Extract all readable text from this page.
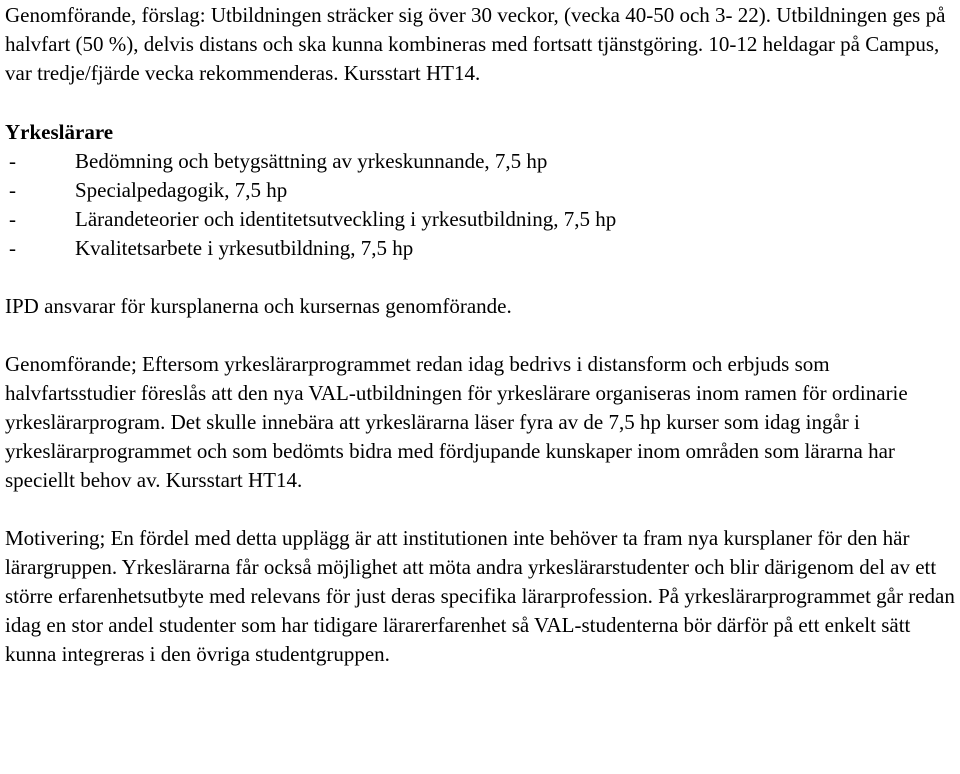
Genomförande, förslag: Utbildningen sträcker sig över 30 veckor, (vecka 40-50 och 3- 22). Utbildningen ges på halvfart (50 %), delvis distans och ska kunna kombineras med fortsatt tjänstgöring. 10-12 heldagar på Campus, var tredje/fjärde vecka rekommenderas. Kursstart HT14.

Yrkeslärare

-	Bedömning och betygsättning av yrkeskunnande, 7,5 hp
-	Specialpedagogik, 7,5 hp
-	Lärandeteorier och identitetsutveckling i yrkesutbildning, 7,5 hp
-	Kvalitetsarbete i yrkesutbildning, 7,5 hp

IPD ansvarar för kursplanerna och kursernas genomförande.

Genomförande; Eftersom yrkeslärarprogrammet redan idag bedrivs i distansform och erbjuds som halvfartsstudier föreslås att den nya VAL-utbildningen för yrkeslärare organiseras inom ramen för ordinarie yrkeslärarprogram. Det skulle innebära att yrkeslärarna läser fyra av de 7,5 hp kurser som idag ingår i yrkeslärarprogrammet och som bedömts bidra med fördjupande kunskaper inom områden som lärarna har speciellt behov av. Kursstart HT14.

Motivering; En fördel med detta upplägg är att institutionen inte behöver ta fram nya kursplaner för den här lärargruppen. Yrkeslärarna får också möjlighet att möta andra yrkeslärarstudenter och blir därigenom del av ett större erfarenhetsutbyte med relevans för just deras specifika lärarprofession. På yrkeslärarprogrammet går redan idag en stor andel studenter som har tidigare lärarerfarenhet så VAL-studenterna bör därför på ett enkelt sätt kunna integreras i den övriga studentgruppen.
